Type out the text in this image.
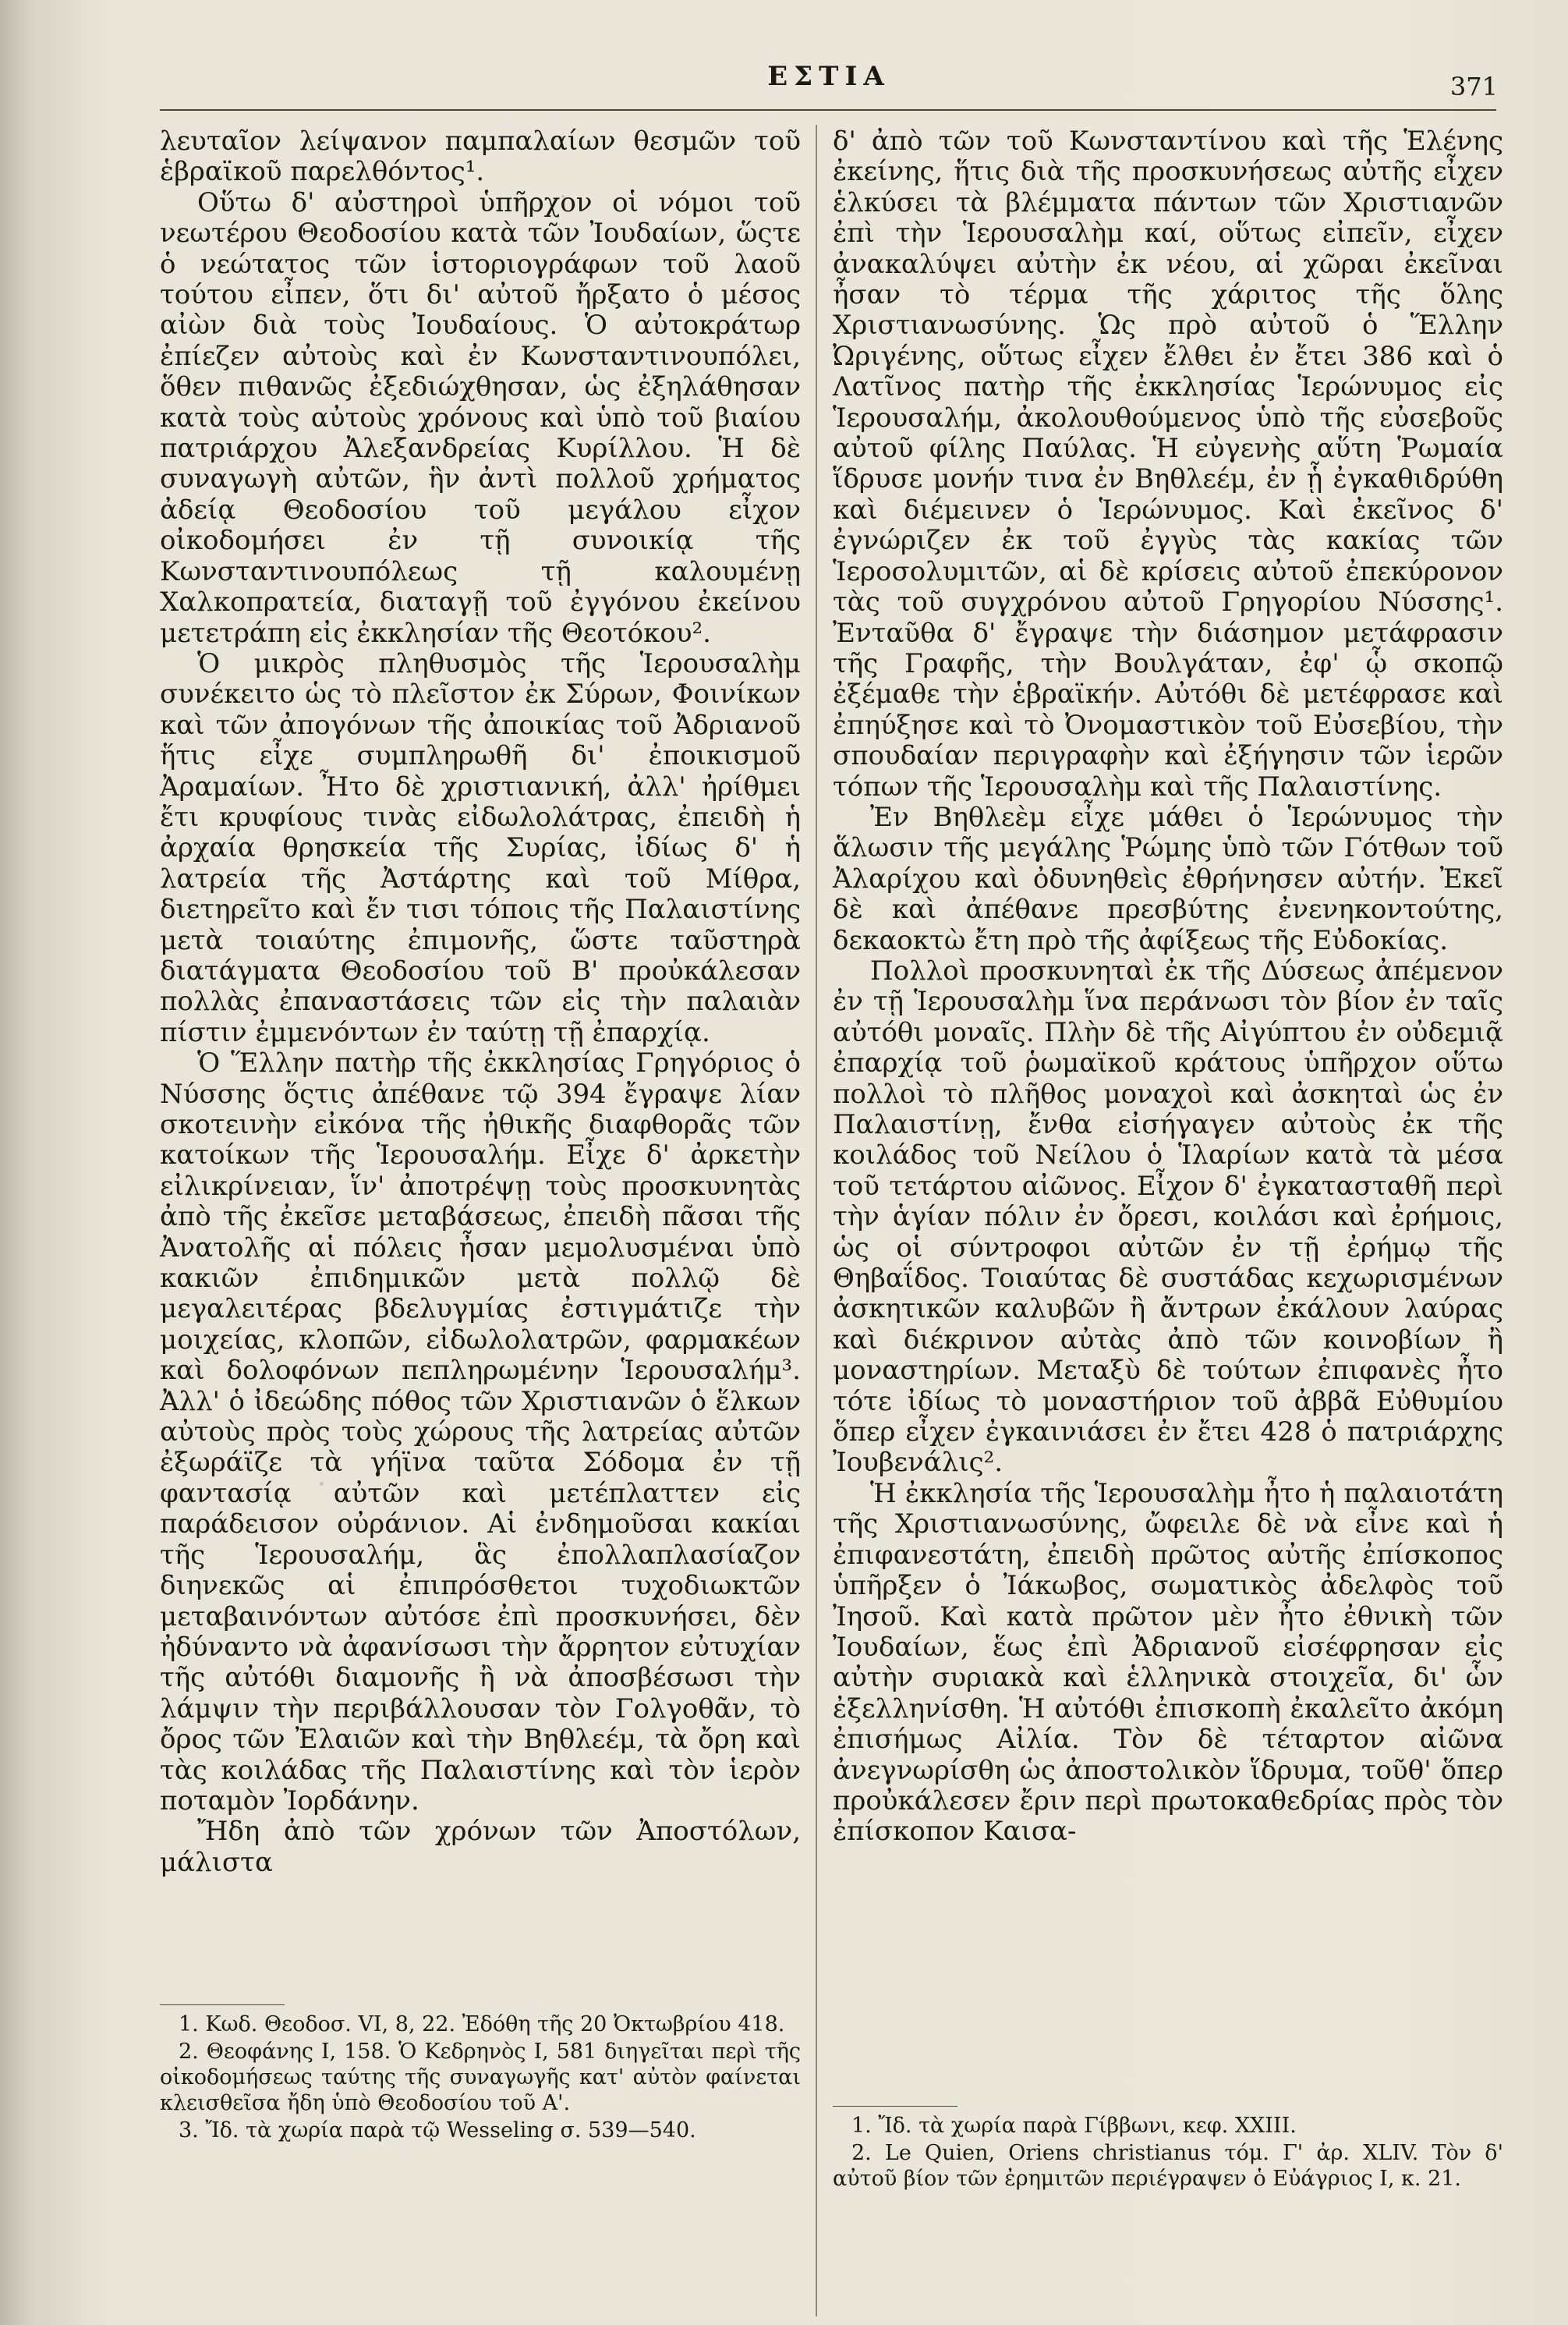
ΕΣΤΙΑ	371

λευταῖον λείψανον παμπαλαίων θεσμῶν τοῦ ἑβραϊκοῦ παρελθόντος¹.

Οὕτω δ' αὐστηροὶ ὑπῆρχον οἱ νόμοι τοῦ νεωτέρου Θεοδοσίου κατὰ τῶν Ἰουδαίων, ὥςτε ὁ νεώτατος τῶν ἱστοριογράφων τοῦ λαοῦ τούτου εἶπεν, ὅτι δι' αὐτοῦ ἤρξατο ὁ μέσος αἰὼν διὰ τοὺς Ἰουδαίους. Ὁ αὐτοκράτωρ ἐπίεζεν αὐτοὺς καὶ ἐν Κωνσταντινουπόλει, ὅθεν πιθανῶς ἐξεδιώχθησαν, ὡς ἐξηλάθησαν κατὰ τοὺς αὐτοὺς χρόνους καὶ ὑπὸ τοῦ βιαίου πατριάρχου Ἀλεξανδρείας Κυρίλλου. Ἡ δὲ συναγωγὴ αὐτῶν, ἣν ἀντὶ πολλοῦ χρήματος ἀδείᾳ Θεοδοσίου τοῦ μεγάλου εἶχον οἰκοδομήσει ἐν τῇ συνοικίᾳ τῆς Κωνσταντινουπόλεως τῇ καλουμένῃ Χαλκοπρατεία, διαταγῇ τοῦ ἐγγόνου ἐκείνου μετετράπη εἰς ἐκκλησίαν τῆς Θεοτόκου².

Ὁ μικρὸς πληθυσμὸς τῆς Ἱερουσαλὴμ συνέκειτο ὡς τὸ πλεῖστον ἐκ Σύρων, Φοινίκων καὶ τῶν ἀπογόνων τῆς ἀποικίας τοῦ Ἀδριανοῦ ἥτις εἶχε συμπληρωθῆ δι' ἐποικισμοῦ Ἀραμαίων. Ἦτο δὲ χριστιανική, ἀλλ' ἠρίθμει ἔτι κρυφίους τινὰς εἰδωλολάτρας, ἐπειδὴ ἡ ἀρχαία θρησκεία τῆς Συρίας, ἰδίως δ' ἡ λατρεία τῆς Ἀστάρτης καὶ τοῦ Μίθρα, διετηρεῖτο καὶ ἔν τισι τόποις τῆς Παλαιστίνης μετὰ τοιαύτης ἐπιμονῆς, ὥστε ταῦστηρὰ διατάγματα Θεοδοσίου τοῦ Β' προὐκάλεσαν πολλὰς ἐπαναστάσεις τῶν εἰς τὴν παλαιὰν πίστιν ἐμμενόντων ἐν ταύτῃ τῇ ἐπαρχίᾳ.

Ὁ Ἕλλην πατὴρ τῆς ἐκκλησίας Γρηγόριος ὁ Νύσσης ὅςτις ἀπέθανε τῷ 394 ἔγραψε λίαν σκοτεινὴν εἰκόνα τῆς ἠθικῆς διαφθορᾶς τῶν κατοίκων τῆς Ἱερουσαλήμ. Εἶχε δ' ἀρκετὴν εἰλικρίνειαν, ἵν' ἀποτρέψῃ τοὺς προσκυνητὰς ἀπὸ τῆς ἐκεῖσε μεταβάσεως, ἐπειδὴ πᾶσαι τῆς Ἀνατολῆς αἱ πόλεις ἦσαν μεμολυσμέναι ὑπὸ κακιῶν ἐπιδημικῶν μετὰ πολλῷ δὲ μεγαλειτέρας βδελυγμίας ἐστιγμάτιζε τὴν μοιχείας, κλοπῶν, εἰδωλολατρῶν, φαρμακέων καὶ δολοφόνων πεπληρωμένην Ἱερουσαλήμ³. Ἀλλ' ὁ ἰδεώδης πόθος τῶν Χριστιανῶν ὁ ἕλκων αὐτοὺς πρὸς τοὺς χώρους τῆς λατρείας αὐτῶν ἐξωράϊζε τὰ γήϊνα ταῦτα Σόδομα ἐν τῇ φαντασίᾳ αὐτῶν καὶ μετέπλαττεν εἰς παράδεισον οὐράνιον. Αἱ ἐνδημοῦσαι κακίαι τῆς Ἱερουσαλήμ, ἃς ἐπολλαπλασίαζον διηνεκῶς αἱ ἐπιπρόσθετοι τυχοδιωκτῶν μεταβαινόντων αὐτόσε ἐπὶ προσκυνήσει, δὲν ἠδύναντο νὰ ἀφανίσωσι τὴν ἄρρητον εὐτυχίαν τῆς αὐτόθι διαμονῆς ἢ νὰ ἀποσβέσωσι τὴν λάμψιν τὴν περιβάλλουσαν τὸν Γολγοθᾶν, τὸ ὄρος τῶν Ἐλαιῶν καὶ τὴν Βηθλεέμ, τὰ ὄρη καὶ τὰς κοιλάδας τῆς Παλαιστίνης καὶ τὸν ἱερὸν ποταμὸν Ἰορδάνην.

Ἤδη ἀπὸ τῶν χρόνων τῶν Ἀποστόλων, μάλιστα

δ' ἀπὸ τῶν τοῦ Κωνσταντίνου καὶ τῆς Ἑλένης ἐκείνης, ἥτις διὰ τῆς προσκυνήσεως αὐτῆς εἶχεν ἑλκύσει τὰ βλέμματα πάντων τῶν Χριστιανῶν ἐπὶ τὴν Ἱερουσαλὴμ καί, οὕτως εἰπεῖν, εἶχεν ἀνακαλύψει αὐτὴν ἐκ νέου, αἱ χῶραι ἐκεῖναι ἦσαν τὸ τέρμα τῆς χάριτος τῆς ὅλης Χριστιανωσύνης. Ὡς πρὸ αὐτοῦ ὁ Ἕλλην Ὠριγένης, οὕτως εἶχεν ἔλθει ἐν ἔτει 386 καὶ ὁ Λατῖνος πατὴρ τῆς ἐκκλησίας Ἱερώνυμος εἰς Ἱερουσαλήμ, ἀκολουθούμενος ὑπὸ τῆς εὐσεβοῦς αὐτοῦ φίλης Παύλας. Ἡ εὐγενὴς αὕτη Ῥωμαία ἵδρυσε μονήν τινα ἐν Βηθλεέμ, ἐν ᾗ ἐγκαθιδρύθη καὶ διέμεινεν ὁ Ἱερώνυμος. Καὶ ἐκεῖνος δ' ἐγνώριζεν ἐκ τοῦ ἐγγὺς τὰς κακίας τῶν Ἱεροσολυμιτῶν, αἱ δὲ κρίσεις αὐτοῦ ἐπεκύρονον τὰς τοῦ συγχρόνου αὐτοῦ Γρηγορίου Νύσσης¹. Ἐνταῦθα δ' ἔγραψε τὴν διάσημον μετάφρασιν τῆς Γραφῆς, τὴν Βουλγάταν, ἐφ' ᾧ σκοπῷ ἐξέμαθε τὴν ἑβραϊκήν. Αὐτόθι δὲ μετέφρασε καὶ ἐπηύξησε καὶ τὸ Ὀνομαστικὸν τοῦ Εὐσεβίου, τὴν σπουδαίαν περιγραφὴν καὶ ἐξήγησιν τῶν ἱερῶν τόπων τῆς Ἱερουσαλὴμ καὶ τῆς Παλαιστίνης.

Ἐν Βηθλεὲμ εἶχε μάθει ὁ Ἱερώνυμος τὴν ἅλωσιν τῆς μεγάλης Ῥώμης ὑπὸ τῶν Γότθων τοῦ Ἀλαρίχου καὶ ὀδυνηθεὶς ἐθρήνησεν αὐτήν. Ἐκεῖ δὲ καὶ ἀπέθανε πρεσβύτης ἐνενηκοντούτης, δεκαοκτὼ ἔτη πρὸ τῆς ἀφίξεως τῆς Εὐδοκίας.

Πολλοὶ προσκυνηταὶ ἐκ τῆς Δύσεως ἀπέμενον ἐν τῇ Ἱερουσαλὴμ ἵνα περάνωσι τὸν βίον ἐν ταῖς αὐτόθι μοναῖς. Πλὴν δὲ τῆς Αἰγύπτου ἐν οὐδεμιᾷ ἐπαρχίᾳ τοῦ ῥωμαϊκοῦ κράτους ὑπῆρχον οὕτω πολλοὶ τὸ πλῆθος μοναχοὶ καὶ ἀσκηταὶ ὡς ἐν Παλαιστίνῃ, ἔνθα εἰσήγαγεν αὐτοὺς ἐκ τῆς κοιλάδος τοῦ Νείλου ὁ Ἱλαρίων κατὰ τὰ μέσα τοῦ τετάρτου αἰῶνος. Εἶχον δ' ἐγκατασταθῆ περὶ τὴν ἁγίαν πόλιν ἐν ὄρεσι, κοιλάσι καὶ ἐρήμοις, ὡς οἱ σύντροφοι αὐτῶν ἐν τῇ ἐρήμῳ τῆς Θηβαΐδος. Τοιαύτας δὲ συστάδας κεχωρισμένων ἀσκητικῶν καλυβῶν ἢ ἄντρων ἐκάλουν λαύρας καὶ διέκρινον αὐτὰς ἀπὸ τῶν κοινοβίων ἢ μοναστηρίων. Μεταξὺ δὲ τούτων ἐπιφανὲς ἦτο τότε ἰδίως τὸ μοναστήριον τοῦ ἀββᾶ Εὐθυμίου ὅπερ εἶχεν ἐγκαινιάσει ἐν ἔτει 428 ὁ πατριάρχης Ἰουβενάλις².

Ἡ ἐκκλησία τῆς Ἱερουσαλὴμ ἦτο ἡ παλαιοτάτη τῆς Χριστιανωσύνης, ὤφειλε δὲ νὰ εἶνε καὶ ἡ ἐπιφανεστάτη, ἐπειδὴ πρῶτος αὐτῆς ἐπίσκοπος ὑπῆρξεν ὁ Ἰάκωβος, σωματικὸς ἀδελφὸς τοῦ Ἰησοῦ. Καὶ κατὰ πρῶτον μὲν ἦτο ἐθνικὴ τῶν Ἰουδαίων, ἕως ἐπὶ Ἀδριανοῦ εἰσέφρησαν εἰς αὐτὴν συριακὰ καὶ ἑλληνικὰ στοιχεῖα, δι' ὧν ἐξελληνίσθη. Ἡ αὐτόθι ἐπισκοπὴ ἐκαλεῖτο ἀκόμη ἐπισήμως Αἰλία. Τὸν δὲ τέταρτον αἰῶνα ἀνεγνωρίσθη ὡς ἀποστολικὸν ἵδρυμα, τοῦθ' ὅπερ προὐκάλεσεν ἔριν περὶ πρωτοκαθεδρίας πρὸς τὸν ἐπίσκοπον Καισα-

1. Κωδ. Θεοδοσ. VI, 8, 22. Ἐδόθη τῆς 20 Ὀκτωβρίου 418.

2. Θεοφάνης I, 158. Ὁ Κεδρηνὸς I, 581 διηγεῖται περὶ τῆς οἰκοδομήσεως ταύτης τῆς συναγωγῆς κατ' αὐτὸν φαίνεται κλεισθεῖσα ἤδη ὑπὸ Θεοδοσίου τοῦ Α'.

3. Ἴδ. τὰ χωρία παρὰ τῷ Wesseling σ. 539—540.	1. Ἴδ. τὰ χωρία παρὰ Γίββωνι, κεφ. XXIII.

2. Le Quien, Oriens christianus τόμ. Γ' ἀρ. XLIV. Τὸν δ' αὐτοῦ βίον τῶν ἐρημιτῶν περιέγραψεν ὁ Εὐάγριος I, κ. 21.
